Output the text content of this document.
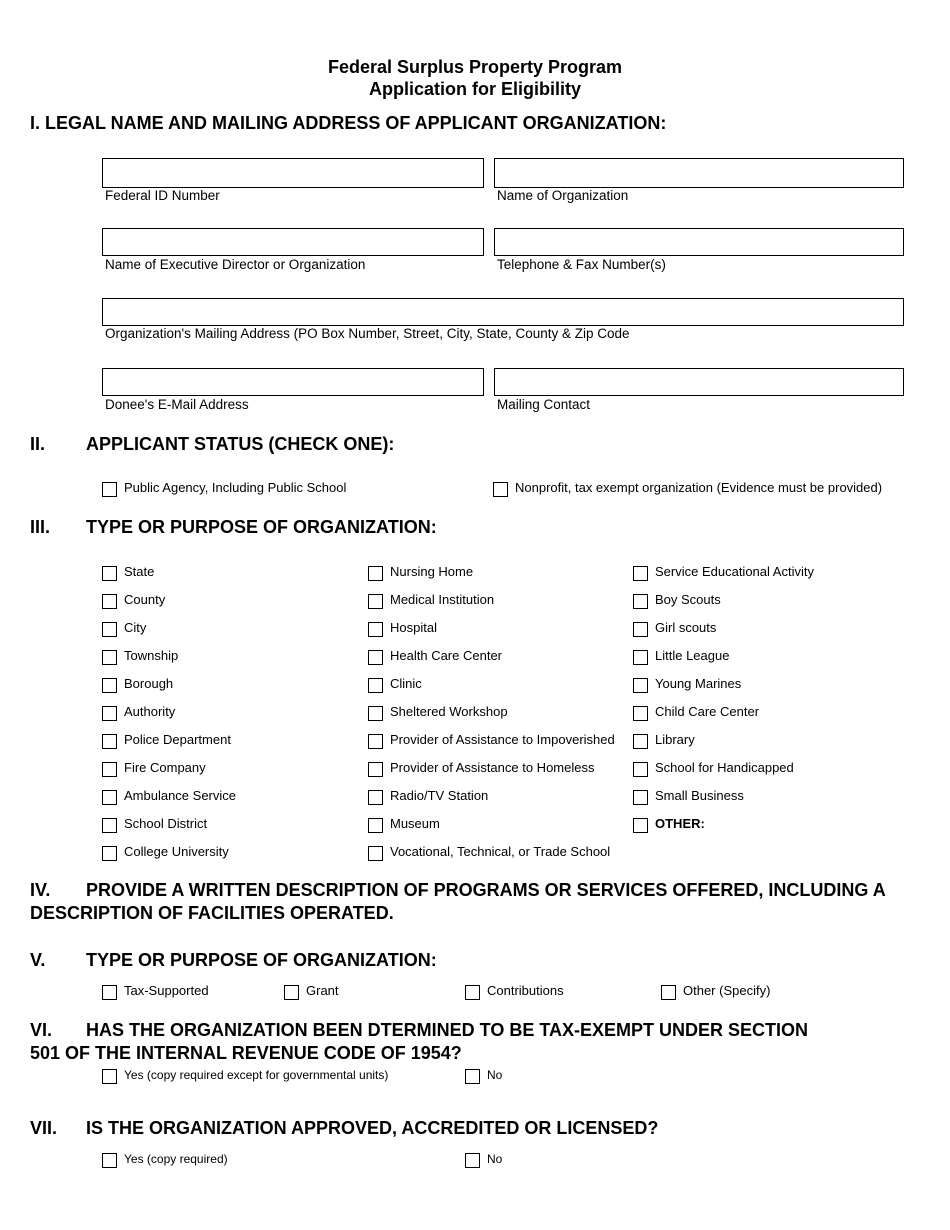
Federal Surplus Property Program
Application for Eligibility
I. LEGAL NAME AND MAILING ADDRESS OF APPLICANT ORGANIZATION:
Federal ID Number	Name of Organization
Name of Executive Director or Organization	Telephone & Fax Number(s)
Organization's Mailing Address (PO Box Number, Street, City, State, County & Zip Code
Donee's E-Mail Address	Mailing Contact
II. APPLICANT STATUS (CHECK ONE):
Public Agency, Including Public School	Nonprofit, tax exempt organization (Evidence must be provided)
III. TYPE OR PURPOSE OF ORGANIZATION:
State
County
City
Township
Borough
Authority
Police Department
Fire Company
Ambulance Service
School District
College University
Nursing Home
Medical Institution
Hospital
Health Care Center
Clinic
Sheltered Workshop
Provider of Assistance to Impoverished
Provider of Assistance to Homeless
Radio/TV Station
Museum
Vocational, Technical, or Trade School
Service Educational Activity
Boy Scouts
Girl scouts
Little League
Young Marines
Child Care Center
Library
School for Handicapped
Small Business
OTHER:
IV. PROVIDE A WRITTEN DESCRIPTION OF PROGRAMS OR SERVICES OFFERED, INCLUDING A
DESCRIPTION OF FACILITIES OPERATED.
V. TYPE OR PURPOSE OF ORGANIZATION:
Tax-Supported	Grant	Contributions	Other (Specify)
VI. HAS THE ORGANIZATION BEEN DTERMINED TO BE TAX-EXEMPT UNDER SECTION
501 OF THE INTERNAL REVENUE CODE OF 1954?
Yes (copy required except for governmental units)	No
VII. IS THE ORGANIZATION APPROVED, ACCREDITED OR LICENSED?
Yes (copy required)	No
